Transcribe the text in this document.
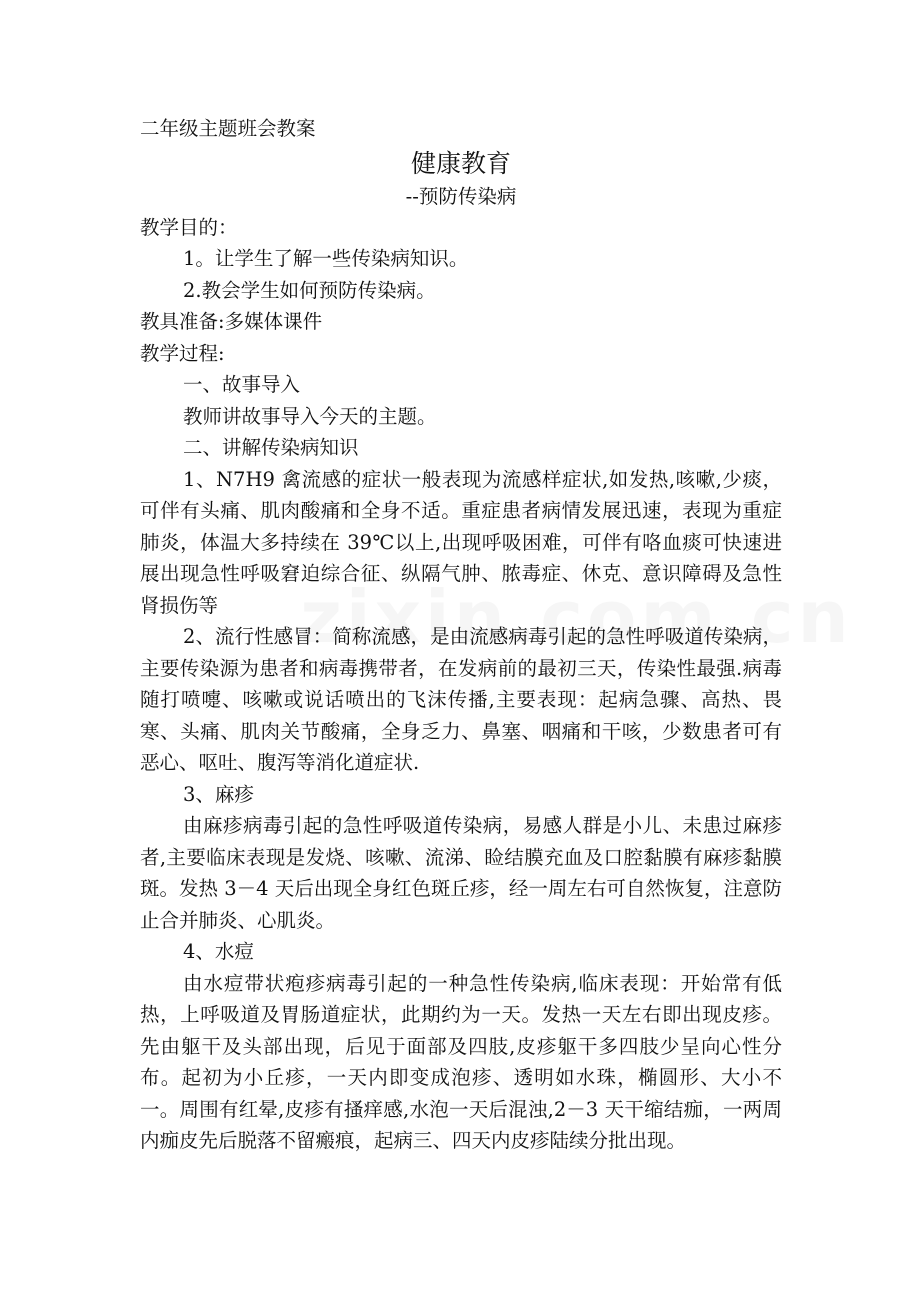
二年级主题班会教案

健康教育

--预防传染病

教学目的：

1。让学生了解一些传染病知识。

2.教会学生如何预防传染病。

教具准备:多媒体课件

教学过程:

一、故事导入

教师讲故事导入今天的主题。

二、讲解传染病知识

1、N7H9 禽流感的症状一般表现为流感样症状,如发热,咳嗽,少痰，可伴有头痛、肌肉酸痛和全身不适。重症患者病情发展迅速，表现为重症肺炎，体温大多持续在 39℃以上,出现呼吸困难，可伴有咯血痰可快速进展出现急性呼吸窘迫综合征、纵隔气肿、脓毒症、休克、意识障碍及急性肾损伤等

2、流行性感冒：简称流感，是由流感病毒引起的急性呼吸道传染病，主要传染源为患者和病毒携带者，在发病前的最初三天，传染性最强.病毒随打喷嚏、咳嗽或说话喷出的飞沫传播,主要表现：起病急骤、高热、畏寒、头痛、肌肉关节酸痛，全身乏力、鼻塞、咽痛和干咳，少数患者可有恶心、呕吐、腹泻等消化道症状.

3、麻疹

由麻疹病毒引起的急性呼吸道传染病，易感人群是小儿、未患过麻疹者,主要临床表现是发烧、咳嗽、流涕、睑结膜充血及口腔黏膜有麻疹黏膜斑。发热 3－4 天后出现全身红色斑丘疹，经一周左右可自然恢复，注意防止合并肺炎、心肌炎。

4、水痘

由水痘带状疱疹病毒引起的一种急性传染病,临床表现：开始常有低热，上呼吸道及胃肠道症状，此期约为一天。发热一天左右即出现皮疹。先由躯干及头部出现，后见于面部及四肢,皮疹躯干多四肢少呈向心性分布。起初为小丘疹，一天内即变成泡疹、透明如水珠，椭圆形、大小不一。周围有红晕,皮疹有搔痒感,水泡一天后混浊,2－3 天干缩结痂，一两周内痂皮先后脱落不留瘢痕，起病三、四天内皮疹陆续分批出现。
